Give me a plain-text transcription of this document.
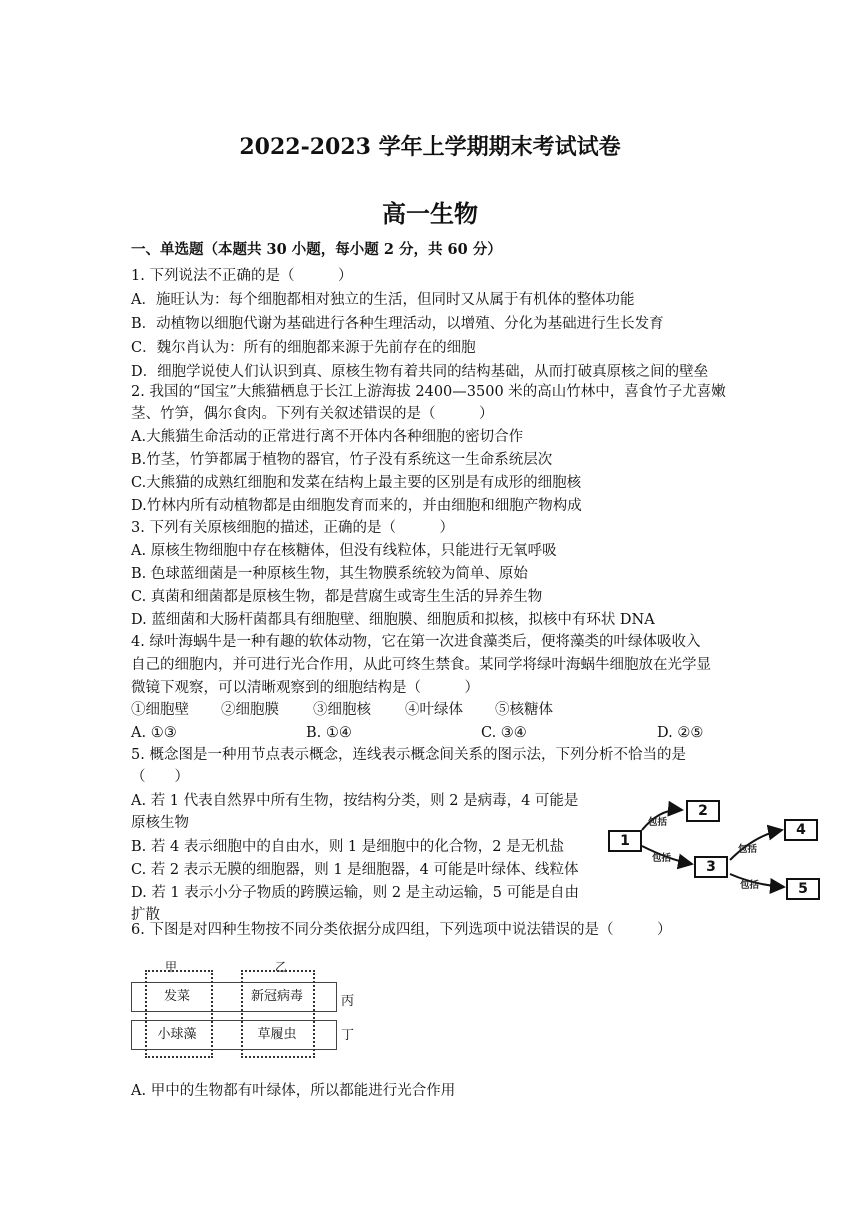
2022-2023 学年上学期期末考试试卷
高一生物
一、单选题（本题共 30 小题，每小题 2 分，共 60 分）
1. 下列说法不正确的是（　　　）
A．施旺认为：每个细胞都相对独立的生活，但同时又从属于有机体的整体功能
B．动植物以细胞代谢为基础进行各种生理活动，以增殖、分化为基础进行生长发育
C．魏尔肖认为：所有的细胞都来源于先前存在的细胞
D．细胞学说使人们认识到真、原核生物有着共同的结构基础，从而打破真原核之间的壁垒
2. 我国的“国宝”大熊猫栖息于长江上游海拔 2400—3500 米的高山竹林中，喜食竹子尤喜嫩
茎、竹笋，偶尔食肉。下列有关叙述错误的是（　　　）
A.大熊猫生命活动的正常进行离不开体内各种细胞的密切合作
B.竹茎，竹笋都属于植物的器官，竹子没有系统这一生命系统层次
C.大熊猫的成熟红细胞和发菜在结构上最主要的区别是有成形的细胞核
D.竹林内所有动植物都是由细胞发育而来的，并由细胞和细胞产物构成
3. 下列有关原核细胞的描述，正确的是（　　　）
A. 原核生物细胞中存在核糖体，但没有线粒体，只能进行无氧呼吸
B. 色球蓝细菌是一种原核生物，其生物膜系统较为简单、原始
C. 真菌和细菌都是原核生物，都是营腐生或寄生生活的异养生物
D. 蓝细菌和大肠杆菌都具有细胞壁、细胞膜、细胞质和拟核，拟核中有环状 DNA
4. 绿叶海蜗牛是一种有趣的软体动物，它在第一次进食藻类后，便将藻类的叶绿体吸收入
自己的细胞内，并可进行光合作用，从此可终生禁食。某同学将绿叶海蜗牛细胞放在光学显
微镜下观察，可以清晰观察到的细胞结构是（　　　）
①细胞壁 ②细胞膜 ③细胞核 ④叶绿体 ⑤核糖体
A. ①③	B. ①④	C. ③④	D. ②⑤
5. 概念图是一种用节点表示概念，连线表示概念间关系的图示法，下列分析不恰当的是
（　　）
A. 若 1 代表自然界中所有生物，按结构分类，则 2 是病毒，4 可能是
原核生物
B. 若 4 表示细胞中的自由水，则 1 是细胞中的化合物，2 是无机盐
C. 若 2 表示无膜的细胞器，则 1 是细胞器，4 可能是叶绿体、线粒体
D. 若 1 表示小分子物质的跨膜运输，则 2 是主动运输，5 可能是自由
扩散
1
2
3
4
5
包括
包括
包括
包括
6. 下图是对四种生物按不同分类依据分成四组，下列选项中说法错误的是（　　　）
甲	乙
发菜	新冠病毒
小球藻	草履虫
丙
丁
A. 甲中的生物都有叶绿体，所以都能进行光合作用
